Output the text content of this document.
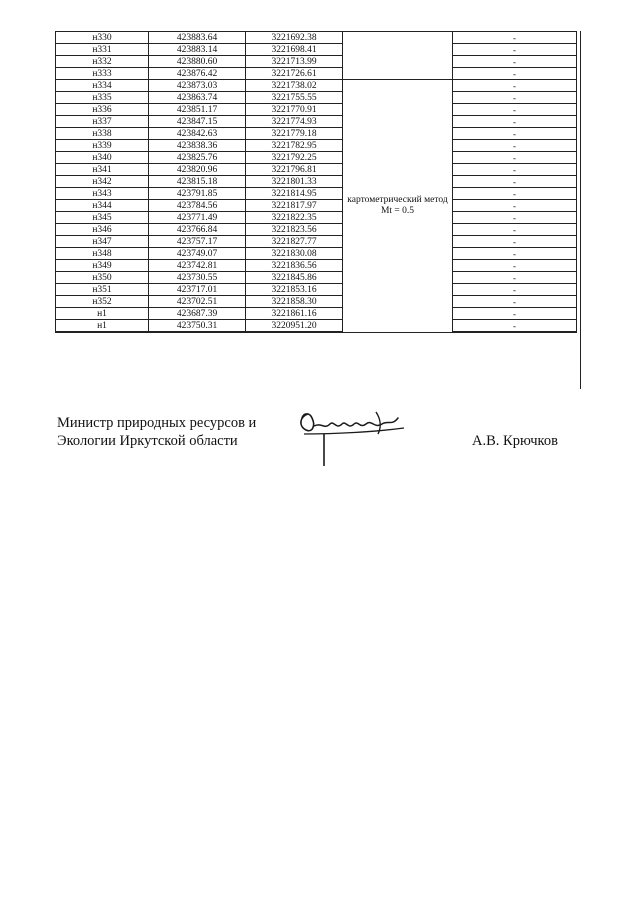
н330	423883.64	3221692.38		-
н331	423883.14	3221698.41		-
н332	423880.60	3221713.99		-
н333	423876.42	3221726.61		-
н334	423873.03	3221738.02	картометрический метод Mt = 0.5	-
н335	423863.74	3221755.55		-
н336	423851.17	3221770.91		-
н337	423847.15	3221774.93		-
н338	423842.63	3221779.18		-
н339	423838.36	3221782.95		-
н340	423825.76	3221792.25		-
н341	423820.96	3221796.81		-
н342	423815.18	3221801.33		-
н343	423791.85	3221814.95		-
н344	423784.56	3221817.97		-
н345	423771.49	3221822.35		-
н346	423766.84	3221823.56		-
н347	423757.17	3221827.77		-
н348	423749.07	3221830.08		-
н349	423742.81	3221836.56		-
н350	423730.55	3221845.86		-
н351	423717.01	3221853.16		-
н352	423702.51	3221858.30		-
н1	423687.39	3221861.16		-
н1	423750.31	3220951.20		-
Министр природных ресурсов и
Экологии Иркутской области	А.В. Крючков
